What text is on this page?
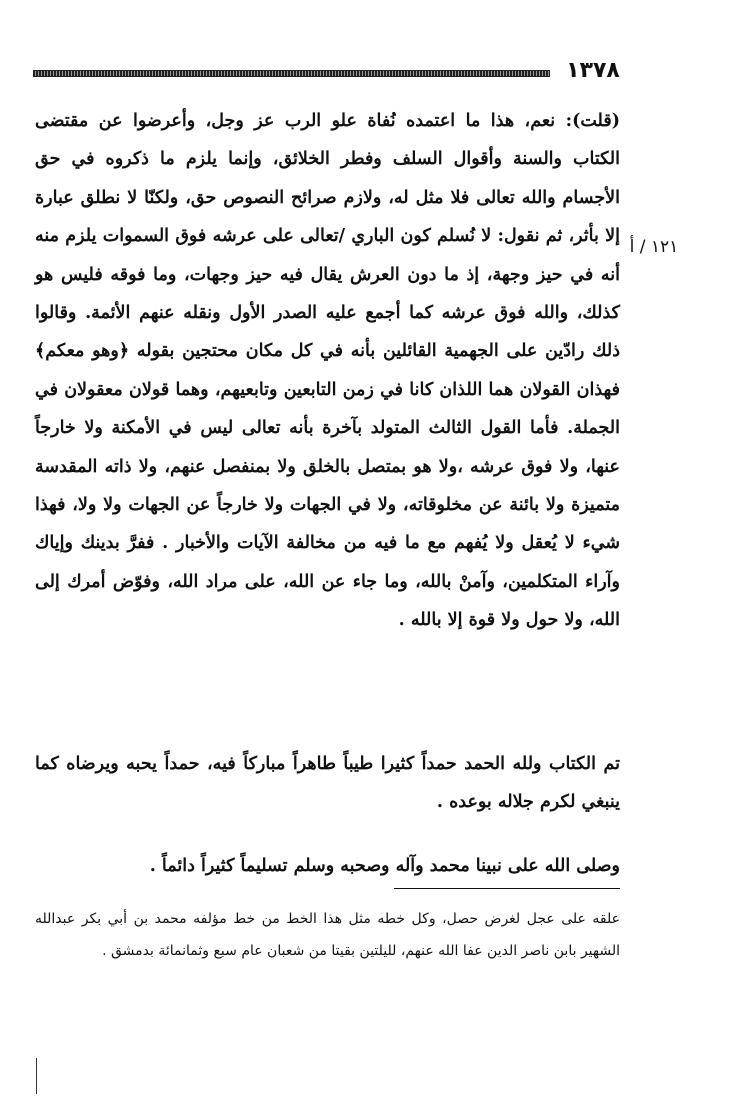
١٣٧٨
١٢١ / أ

(قلت): نعم، هذا ما اعتمده نُفاة علو الرب عز وجل، وأعرضوا عن مقتضى الكتاب والسنة وأقوال السلف وفطر الخلائق، وإنما يلزم ما ذكروه في حق الأجسام والله تعالى فلا مثل له، ولازم صرائح النصوص حق، ولكنّا لا نطلق عبارة إلا بأثر، ثم نقول: لا نُسلم كون الباري /تعالى على عرشه فوق السموات يلزم منه أنه في حيز وجهة، إذ ما دون العرش يقال فيه حيز وجهات، وما فوقه فليس هو كذلك، والله فوق عرشه كما أجمع عليه الصدر الأول ونقله عنهم الأئمة. وقالوا ذلك رادّين على الجهمية القائلين بأنه في كل مكان محتجين بقوله ﴿وهو معكم﴾ فهذان القولان هما اللذان كانا في زمن التابعين وتابعيهم، وهما قولان معقولان في الجملة. فأما القول الثالث المتولد بآخرة بأنه تعالى ليس في الأمكنة ولا خارجاً عنها، ولا فوق عرشه ،ولا هو بمتصل بالخلق ولا بمنفصل عنهم، ولا ذاته المقدسة متميزة ولا بائنة عن مخلوقاته، ولا في الجهات ولا خارجاً عن الجهات ولا ولا، فهذا شيء لا يُعقل ولا يُفهم مع ما فيه من مخالفة الآيات والأخبار . ففرَّ بدينك وإياك وآراء المتكلمين، وآمنْ بالله، وما جاء عن الله، على مراد الله، وفوّض أمرك إلى الله، ولا حول ولا قوة إلا بالله .

تم الكتاب ولله الحمد حمداً كثيرا طيباً طاهراً مباركاً فيه، حمداً يحبه ويرضاه كما ينبغي لكرم جلاله بوعده .

وصلى الله على نبينا محمد وآله وصحبه وسلم تسليماً كثيراً دائماً .

علقه على عجل لغرض حصل، وكل خطه مثل هذا الخط من خط مؤلفه محمد بن أبي بكر عبدالله الشهير بابن ناصر الدين عفا الله عنهم، لليلتين بقيتا من شعبان عام سبع وثمانمائة بدمشق .
